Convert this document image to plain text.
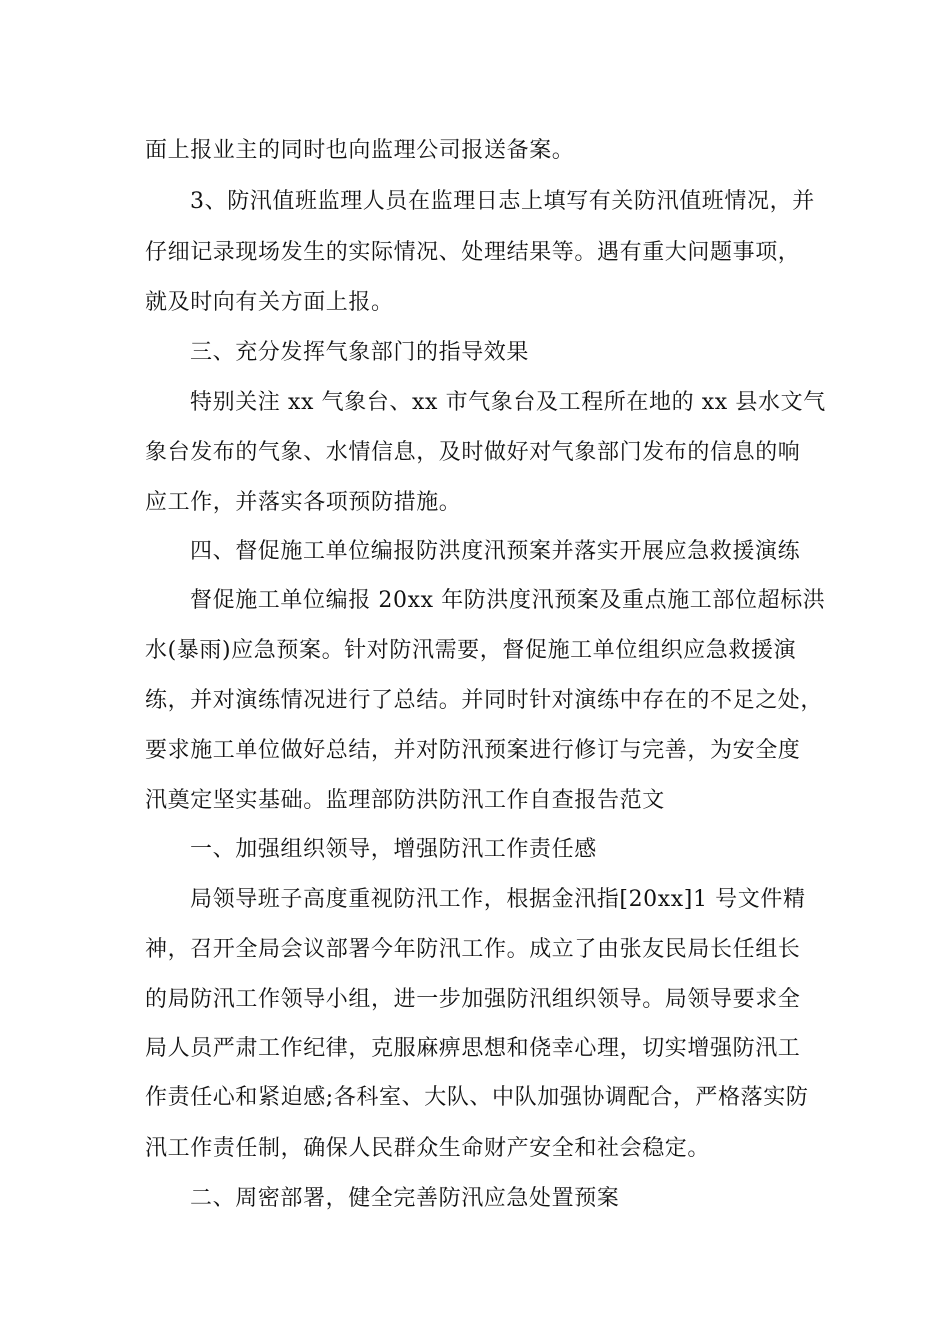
面上报业主的同时也向监理公司报送备案。
3、防汛值班监理人员在监理日志上填写有关防汛值班情况，并
仔细记录现场发生的实际情况、处理结果等。遇有重大问题事项，
就及时向有关方面上报。
三、充分发挥气象部门的指导效果
特别关注 xx 气象台、xx 市气象台及工程所在地的 xx 县水文气
象台发布的气象、水情信息，及时做好对气象部门发布的信息的响
应工作，并落实各项预防措施。
四、督促施工单位编报防洪度汛预案并落实开展应急救援演练
督促施工单位编报 20xx 年防洪度汛预案及重点施工部位超标洪
水(暴雨)应急预案。针对防汛需要，督促施工单位组织应急救援演
练，并对演练情况进行了总结。并同时针对演练中存在的不足之处，
要求施工单位做好总结，并对防汛预案进行修订与完善，为安全度
汛奠定坚实基础。监理部防洪防汛工作自查报告范文
一、加强组织领导，增强防汛工作责任感
局领导班子高度重视防汛工作，根据金汛指[20xx]1 号文件精
神，召开全局会议部署今年防汛工作。成立了由张友民局长任组长
的局防汛工作领导小组，进一步加强防汛组织领导。局领导要求全
局人员严肃工作纪律，克服麻痹思想和侥幸心理，切实增强防汛工
作责任心和紧迫感;各科室、大队、中队加强协调配合，严格落实防
汛工作责任制，确保人民群众生命财产安全和社会稳定。
二、周密部署，健全完善防汛应急处置预案
